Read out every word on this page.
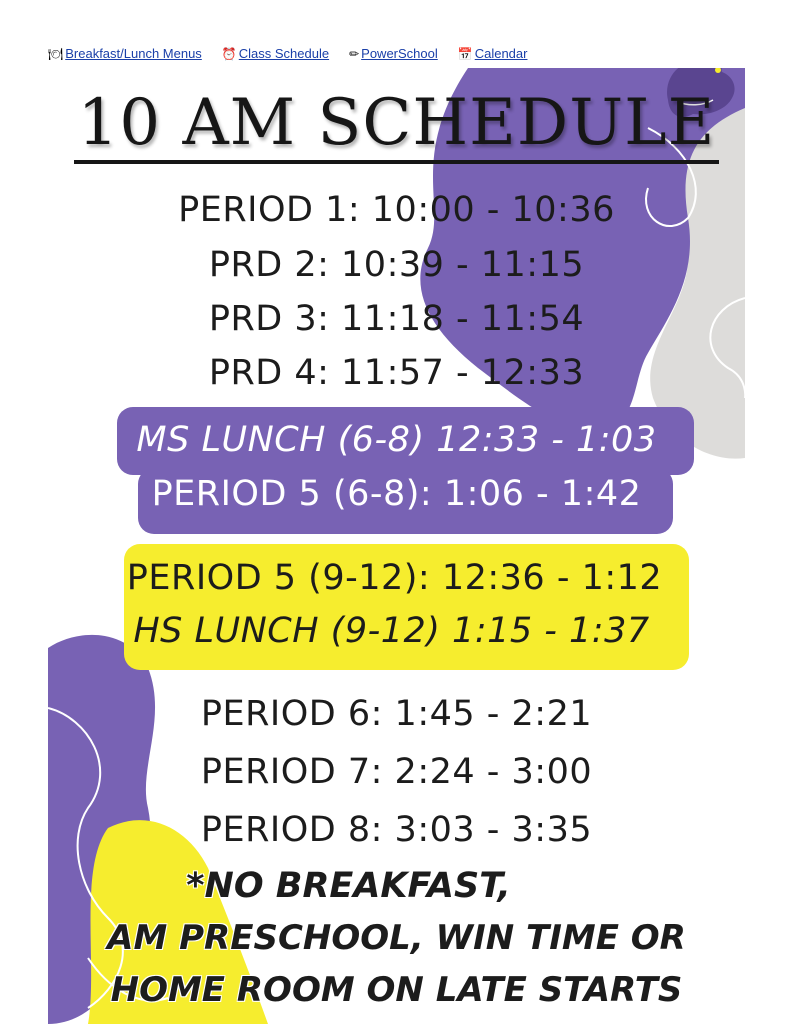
🍽 Breakfast/Lunch Menus ⏰ Class Schedule ✏ PowerSchool 📅 Calendar
10 AM SCHEDULE
PERIOD 1: 10:00 - 10:36
PRD 2: 10:39 - 11:15
PRD 3: 11:18 - 11:54
PRD 4: 11:57 - 12:33
MS LUNCH (6-8) 12:33 - 1:03
PERIOD 5 (6-8): 1:06 - 1:42
PERIOD 5 (9-12): 12:36 - 1:12
HS LUNCH (9-12) 1:15 - 1:37
PERIOD 6: 1:45 - 2:21
PERIOD 7: 2:24 - 3:00
PERIOD 8: 3:03 - 3:35
*NO BREAKFAST,
AM PRESCHOOL, WIN TIME OR
HOME ROOM ON LATE STARTS
